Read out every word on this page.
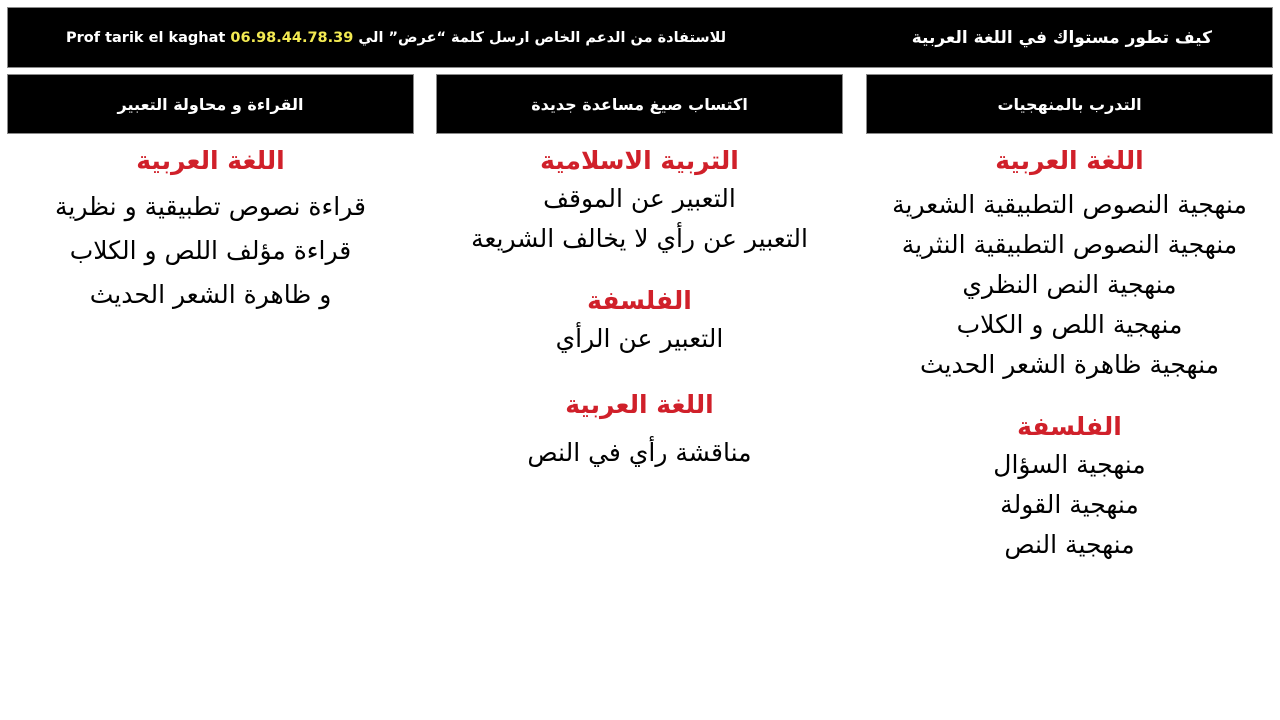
كيف تطور مستواك في اللغة العربية
للاستفادة من الدعم الخاص ارسل كلمة “عرض” الي 06.98.44.78.39 Prof tarik el kaghat
التدرب بالمنهجيات
اللغة العربية
منهجية النصوص التطبيقية الشعرية
منهجية النصوص التطبيقية النثرية
منهجية النص النظري
منهجية اللص و الكلاب
منهجية ظاهرة الشعر الحديث
الفلسفة
منهجية السؤال
منهجية القولة
منهجية النص
اكتساب صيغ مساعدة جديدة
التربية الاسلامية
التعبير عن الموقف
التعبير عن رأي لا يخالف الشريعة
الفلسفة
التعبير عن الرأي
اللغة العربية
مناقشة رأي في النص
القراءة و محاولة التعبير
اللغة العربية
قراءة نصوص تطبيقية و نظرية
قراءة مؤلف اللص و الكلاب
و ظاهرة الشعر الحديث
